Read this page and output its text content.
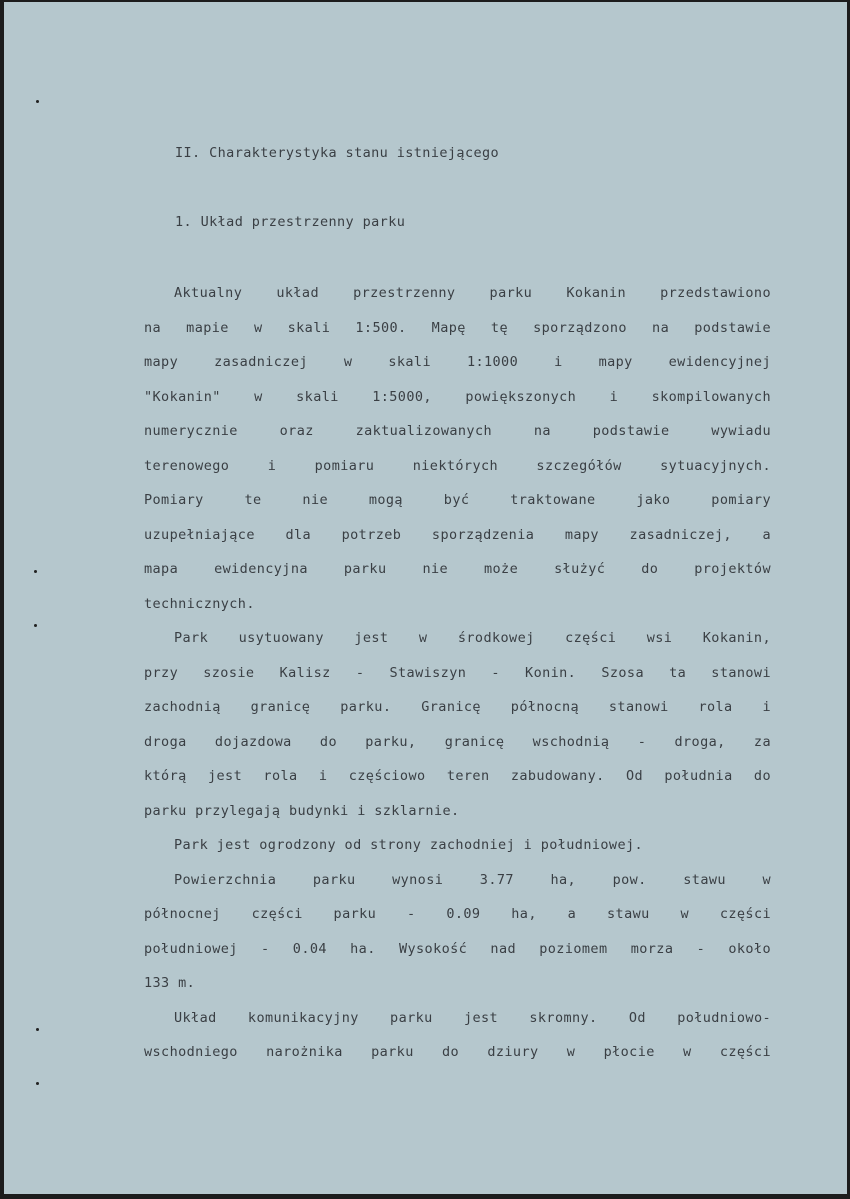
II. Charakterystyka stanu istniejącego
1. Układ przestrzenny parku
Aktualny układ przestrzenny parku Kokanin przedstawiono
na mapie w skali 1:500. Mapę tę sporządzono na podstawie
mapy zasadniczej w skali 1:1000 i mapy ewidencyjnej
"Kokanin" w skali 1:5000, powiększonych i skompilowanych
numerycznie oraz zaktualizowanych na podstawie wywiadu
terenowego i pomiaru niektórych szczegółów sytuacyjnych.
Pomiary te nie mogą być traktowane jako pomiary
uzupełniające dla potrzeb sporządzenia mapy zasadniczej, a
mapa ewidencyjna parku nie może służyć do projektów
technicznych.
Park usytuowany jest w środkowej części wsi Kokanin,
przy szosie Kalisz - Stawiszyn - Konin. Szosa ta stanowi
zachodnią granicę parku. Granicę północną stanowi rola i
droga dojazdowa do parku, granicę wschodnią - droga, za
którą jest rola i częściowo teren zabudowany. Od południa do
parku przylegają budynki i szklarnie.
Park jest ogrodzony od strony zachodniej i południowej.
Powierzchnia parku wynosi 3.77 ha, pow. stawu w
północnej części parku - 0.09 ha, a stawu w części
południowej - 0.04 ha. Wysokość nad poziomem morza - około
133 m.
Układ komunikacyjny parku jest skromny. Od południowo-
wschodniego narożnika parku do dziury w płocie w części
